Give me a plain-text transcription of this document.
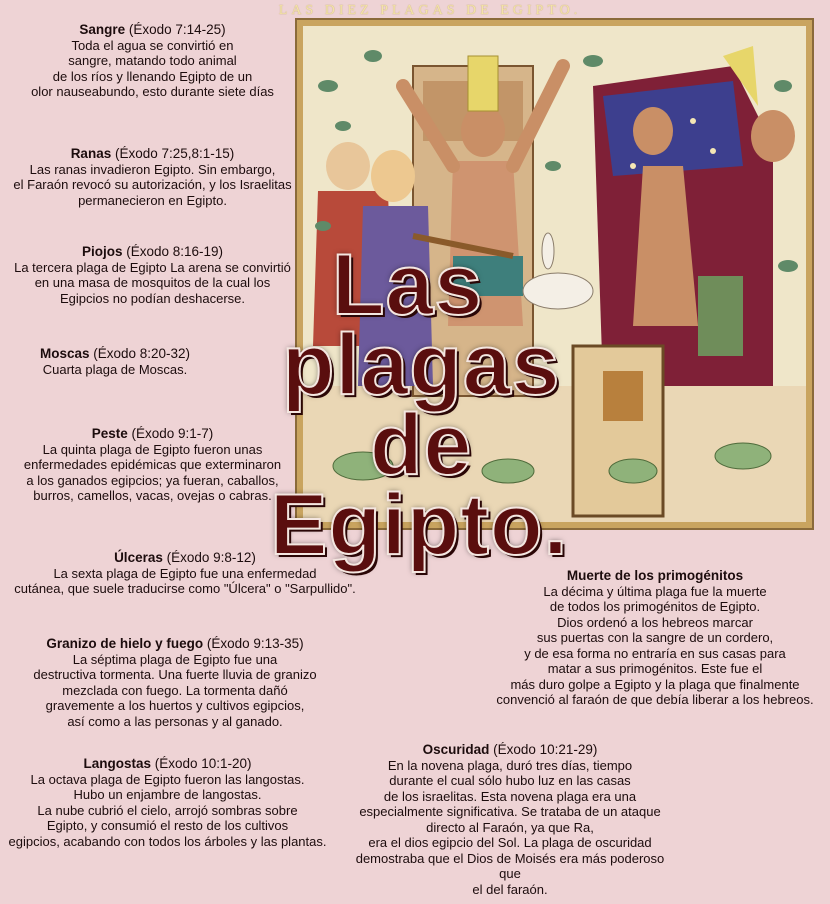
LAS DIEZ PLAGAS DE EGIPTO.
Las
plagas
de
Egipto.

Sangre (Éxodo 7:14-25)

Toda el agua se convirtió en

sangre, matando todo animal

de los ríos y llenando Egipto de un

olor nauseabundo, esto durante siete días

Ranas (Éxodo 7:25,8:1-15)

Las ranas invadieron Egipto. Sin embargo,

el Faraón revocó su autorización, y los Israelitas

permanecieron en Egipto.

Piojos (Éxodo 8:16-19)

La tercera plaga de Egipto La arena se convirtió

en una masa de mosquitos de la cual los

Egipcios no podían deshacerse.

Moscas (Éxodo 8:20-32)

Cuarta plaga de Moscas.

Peste (Éxodo 9:1-7)

La quinta plaga de Egipto fueron unas

enfermedades epidémicas que exterminaron

a los ganados egipcios; ya fueran, caballos,

burros, camellos, vacas, ovejas o cabras.

Úlceras (Éxodo 9:8-12)

La sexta plaga de Egipto fue una enfermedad

cutánea, que suele traducirse como "Úlcera" o "Sarpullido".

Granizo de hielo y fuego (Éxodo 9:13-35)

La séptima plaga de Egipto fue una

destructiva tormenta. Una fuerte lluvia de granizo

mezclada con fuego. La tormenta dañó

gravemente a los huertos y cultivos egipcios,

así como a las personas y al ganado.

Langostas (Éxodo 10:1-20)

La octava plaga de Egipto fueron las langostas.

Hubo un enjambre de langostas.

La nube cubrió el cielo, arrojó sombras sobre

Egipto, y consumió el resto de los cultivos

egipcios, acabando con todos los árboles y las plantas.

Oscuridad (Éxodo 10:21-29)

En la novena plaga, duró tres días, tiempo

durante el cual sólo hubo luz en las casas

de los israelitas. Esta novena plaga era una

especialmente significativa. Se trataba de un ataque

directo al Faraón, ya que Ra,

era el dios egipcio del Sol. La plaga de oscuridad

demostraba que el Dios de Moisés era más poderoso que

el del faraón.

Muerte de los primogénitos

La décima y última plaga fue la muerte

de todos los primogénitos de Egipto.

Dios ordenó a los hebreos marcar

sus puertas con la sangre de un cordero,

y de esa forma no entraría en sus casas para

matar a sus primogénitos. Este fue el

más duro golpe a Egipto y la plaga que finalmente

convenció al faraón de que debía liberar a los hebreos.
